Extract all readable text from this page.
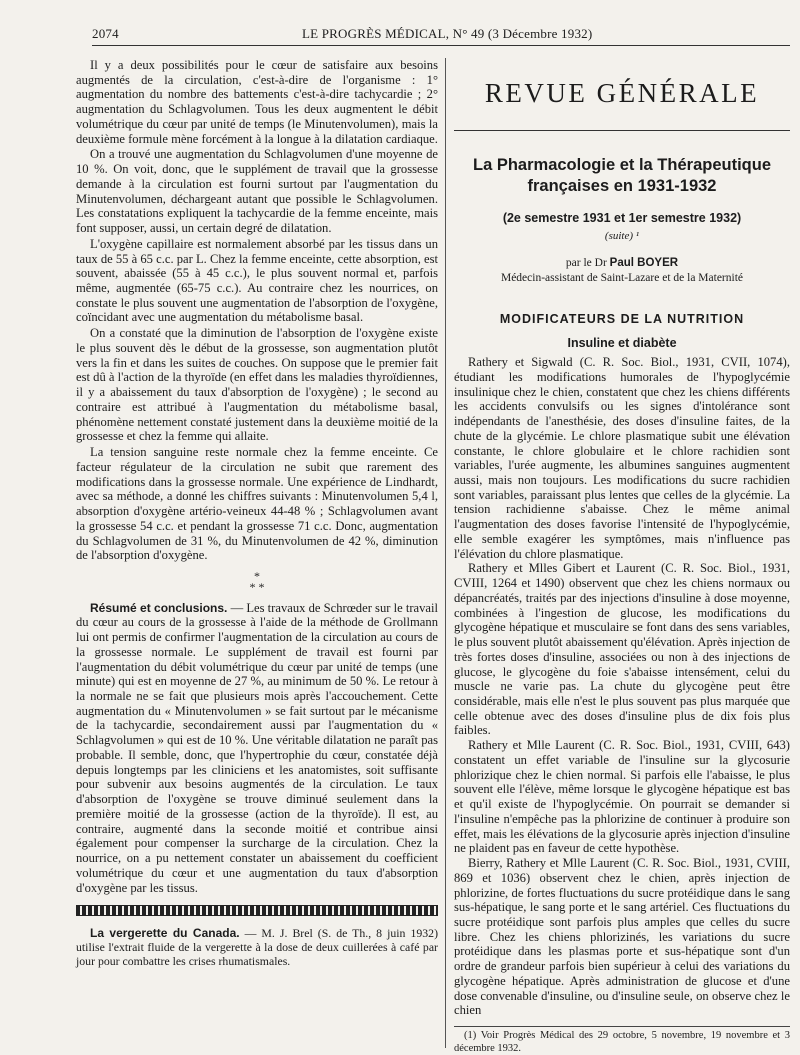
2074	LE PROGRÈS MÉDICAL, N° 49 (3 Décembre 1932)

Il y a deux possibilités pour le cœur de satisfaire aux besoins augmentés de la circulation, c'est-à-dire de l'organisme : 1° augmentation du nombre des battements c'est-à-dire tachycardie ; 2° augmentation du Schlagvolumen. Tous les deux augmentent le débit volumétrique du cœur par unité de temps (le Minutenvolumen), mais la deuxième formule mène forcément à la longue à la dilatation cardiaque.

On a trouvé une augmentation du Schlagvolumen d'une moyenne de 10 %. On voit, donc, que le supplément de travail que la grossesse demande à la circulation est fourni surtout par l'augmentation du Minutenvolumen, déchargeant autant que possible le Schlagvolumen. Les constatations expliquent la tachycardie de la femme enceinte, mais font supposer, aussi, un certain degré de dilatation.

L'oxygène capillaire est normalement absorbé par les tissus dans un taux de 55 à 65 c.c. par L. Chez la femme enceinte, cette absorption, est souvent, abaissée (55 à 45 c.c.), le plus souvent normal et, parfois même, augmentée (65-75 c.c.). Au contraire chez les nourrices, on constate le plus souvent une augmentation de l'absorption de l'oxygène, coïncidant avec une augmentation du métabolisme basal.

On a constaté que la diminution de l'absorption de l'oxygène existe le plus souvent dès le début de la grossesse, son augmentation plutôt vers la fin et dans les suites de couches. On suppose que le premier fait est dû à l'action de la thyroïde (en effet dans les maladies thyroïdiennes, il y a abaissement du taux d'absorption de l'oxygène) ; le second au contraire est attribué à l'augmentation du métabolisme basal, phénomène nettement constaté justement dans la deuxième moitié de la grossesse et chez la femme qui allaite.

La tension sanguine reste normale chez la femme enceinte. Ce facteur régulateur de la circulation ne subit que rarement des modifications dans la grossesse normale. Une expérience de Lindhardt, avec sa méthode, a donné les chiffres suivants : Minutenvolumen 5,4 l, absorption d'oxygène artério-veineux 44-48 % ; Schlagvolumen avant la grossesse 54 c.c. et pendant la grossesse 71 c.c. Donc, augmentation du Schlagvolumen de 31 %, du Minutenvolumen de 42 %, diminution de l'absorption d'oxygène.

*
* *

Résumé et conclusions. — Les travaux de Schrœder sur le travail du cœur au cours de la grossesse à l'aide de la méthode de Grollmann lui ont permis de confirmer l'augmentation de la circulation au cours de la grossesse normale. Le supplément de travail est fourni par l'augmentation du débit volumétrique du cœur par unité de temps (une minute) qui est en moyenne de 27 %, au minimum de 50 %. Le retour à la normale ne se fait que plusieurs mois après l'accouchement. Cette augmentation du « Minutenvolumen » se fait surtout par le mécanisme de la tachycardie, secondairement aussi par l'augmentation du « Schlagvolumen » qui est de 10 %. Une véritable dilatation ne paraît pas probable. Il semble, donc, que l'hypertrophie du cœur, constatée déjà depuis longtemps par les cliniciens et les anatomistes, soit suffisante pour subvenir aux besoins augmentés de la circulation. Le taux d'absorption de l'oxygène se trouve diminué seulement dans la première moitié de la grossesse (action de la thyroïde). Il est, au contraire, augmenté dans la seconde moitié et contribue ainsi également pour compenser la surcharge de la circulation. Chez la nourrice, on a pu nettement constater un abaissement du coefficient volumétrique du cœur et une augmentation du taux d'absorption d'oxygène par les tissus.

La vergerette du Canada. — M. J. Brel (S. de Th., 8 juin 1932) utilise l'extrait fluide de la vergerette à la dose de deux cuillerées à café par jour pour combattre les crises rhumatismales.

REVUE GÉNÉRALE
La Pharmacologie et la Thérapeutique
françaises en 1931-1932
(2e semestre 1931 et 1er semestre 1932)
(suite) ¹
par le Dr Paul BOYER
Médecin-assistant de Saint-Lazare et de la Maternité
MODIFICATEURS DE LA NUTRITION
Insuline et diabète

Rathery et Sigwald (C. R. Soc. Biol., 1931, CVII, 1074), étudiant les modifications humorales de l'hypoglycémie insulinique chez le chien, constatent que chez les chiens différents les accidents convulsifs ou les signes d'intolérance sont indépendants de l'anesthésie, des doses d'insuline faites, de la chute de la glycémie. Le chlore plasmatique subit une élévation constante, le chlore globulaire et le chlore rachidien sont variables, l'urée augmente, les albumines sanguines augmentent aussi, mais non toujours. Les modifications du sucre rachidien sont variables, paraissant plus lentes que celles de la glycémie. La tension rachidienne s'abaisse. Chez le même animal l'augmentation des doses favorise l'intensité de l'hypoglycémie, elle semble exagérer les symptômes, mais n'influence pas l'élévation du chlore plasmatique.

Rathery et Mlles Gibert et Laurent (C. R. Soc. Biol., 1931, CVIII, 1264 et 1490) observent que chez les chiens normaux ou dépancréatés, traités par des injections d'insuline à dose moyenne, combinées à l'ingestion de glucose, les modifications du glycogène hépatique et musculaire se font dans des sens variables, le plus souvent plutôt abaissement qu'élévation. Après injection de très fortes doses d'insuline, associées ou non à des injections de glucose, le glycogène du foie s'abaisse intensément, celui du muscle ne varie pas. La chute du glycogène peut être considérable, mais elle n'est le plus souvent pas plus marquée que celle obtenue avec des doses d'insuline plus de dix fois plus faibles.

Rathery et Mlle Laurent (C. R. Soc. Biol., 1931, CVIII, 643) constatent un effet variable de l'insuline sur la glycosurie phlorizique chez le chien normal. Si parfois elle l'abaisse, le plus souvent elle l'élève, même lorsque le glycogène hépatique est bas et qu'il existe de l'hypoglycémie. On pourrait se demander si l'insuline n'empêche pas la phlorizine de continuer à produire son effet, mais les élévations de la glycosurie après injection d'insuline ne plaident pas en faveur de cette hypothèse.

Bierry, Rathery et Mlle Laurent (C. R. Soc. Biol., 1931, CVIII, 869 et 1036) observent chez le chien, après injection de phlorizine, de fortes fluctuations du sucre protéidique dans le sang sus-hépatique, le sang porte et le sang artériel. Ces fluctuations du sucre protéidique sont parfois plus amples que celles du sucre libre. Chez les chiens phlorizinés, les variations du sucre protéidique dans les plasmas porte et sus-hépatique sont d'un ordre de grandeur parfois bien supérieur à celui des variations du glycogène hépatique. Après administration de glucose et d'une dose convenable d'insuline, ou d'insuline seule, on observe chez le chien

(1) Voir Progrès Médical des 29 octobre, 5 novembre, 19 novembre et 3 décembre 1932.
